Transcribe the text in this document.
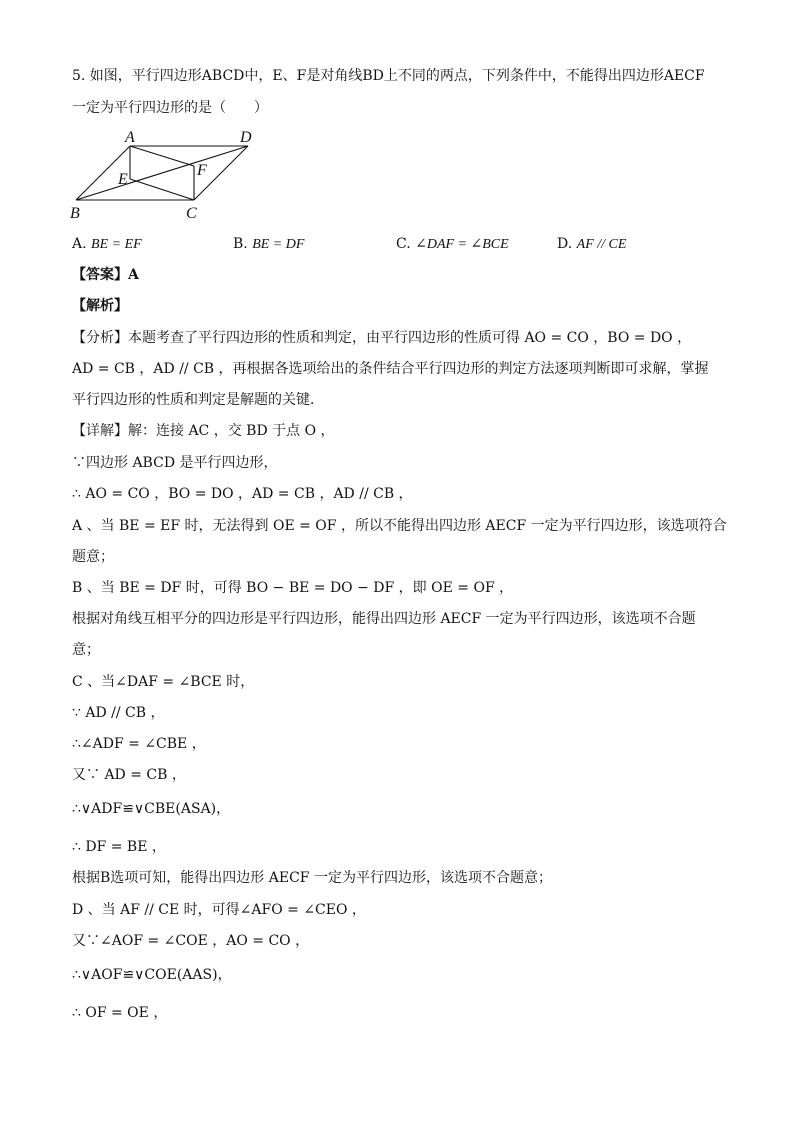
5. 如图，平行四边形ABCD中，E、F是对角线BD上不同的两点，下列条件中，不能得出四边形AECF
一定为平行四边形的是（　　）
A	D
B	C
E
F
A. BE = EF	B. BE = DF	C. ∠DAF = ∠BCE	D. AF // CE
【答案】A
【解析】
【分析】本题考查了平行四边形的性质和判定，由平行四边形的性质可得 AO = CO ，BO = DO ，
AD = CB ，AD // CB ，再根据各选项给出的条件结合平行四边形的判定方法逐项判断即可求解，掌握
平行四边形的性质和判定是解题的关键．
【详解】解：连接 AC ，交 BD 于点 O ，
∵四边形 ABCD 是平行四边形，
∴ AO = CO ，BO = DO ，AD = CB ，AD // CB ，
A 、当 BE = EF 时，无法得到 OE = OF ，所以不能得出四边形 AECF 一定为平行四边形，该选项符合
题意；
B 、当 BE = DF 时，可得 BO − BE = DO − DF ，即 OE = OF ，
根据对角线互相平分的四边形是平行四边形，能得出四边形 AECF 一定为平行四边形，该选项不合题
意；
C 、当∠DAF = ∠BCE 时，
∵ AD // CB ，
∴∠ADF = ∠CBE ，
又∵ AD = CB ，
∴∨ADF≌∨CBE(ASA)，
∴ DF = BE ，
根据B选项可知，能得出四边形 AECF 一定为平行四边形，该选项不合题意；
D 、当 AF // CE 时，可得∠AFO = ∠CEO ，
又∵∠AOF = ∠COE ，AO = CO ，
∴∨AOF≌∨COE(AAS)，
∴ OF = OE ，
